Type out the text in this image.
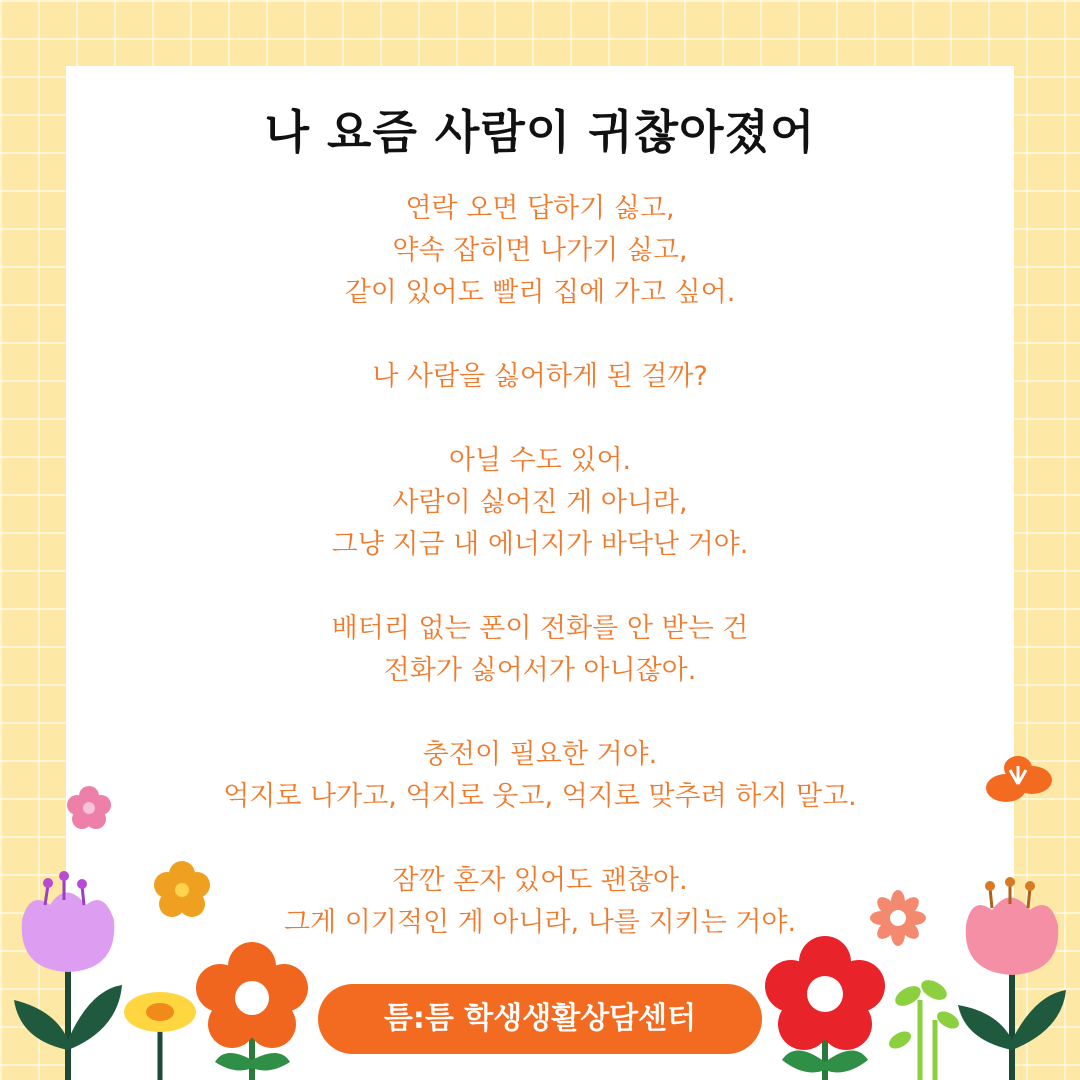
나 요즘 사람이 귀찮아졌어

연락 오면 답하기 싫고,

약속 잡히면 나가기 싫고,

같이 있어도 빨리 집에 가고 싶어.

나 사람을 싫어하게 된 걸까?

아닐 수도 있어.

사람이 싫어진 게 아니라,

그냥 지금 내 에너지가 바닥난 거야.

배터리 없는 폰이 전화를 안 받는 건

전화가 싫어서가 아니잖아.

충전이 필요한 거야.

억지로 나가고, 억지로 웃고, 억지로 맞추려 하지 말고.

잠깐 혼자 있어도 괜찮아.

그게 이기적인 게 아니라, 나를 지키는 거야.

틈:틈 학생생활상담센터
